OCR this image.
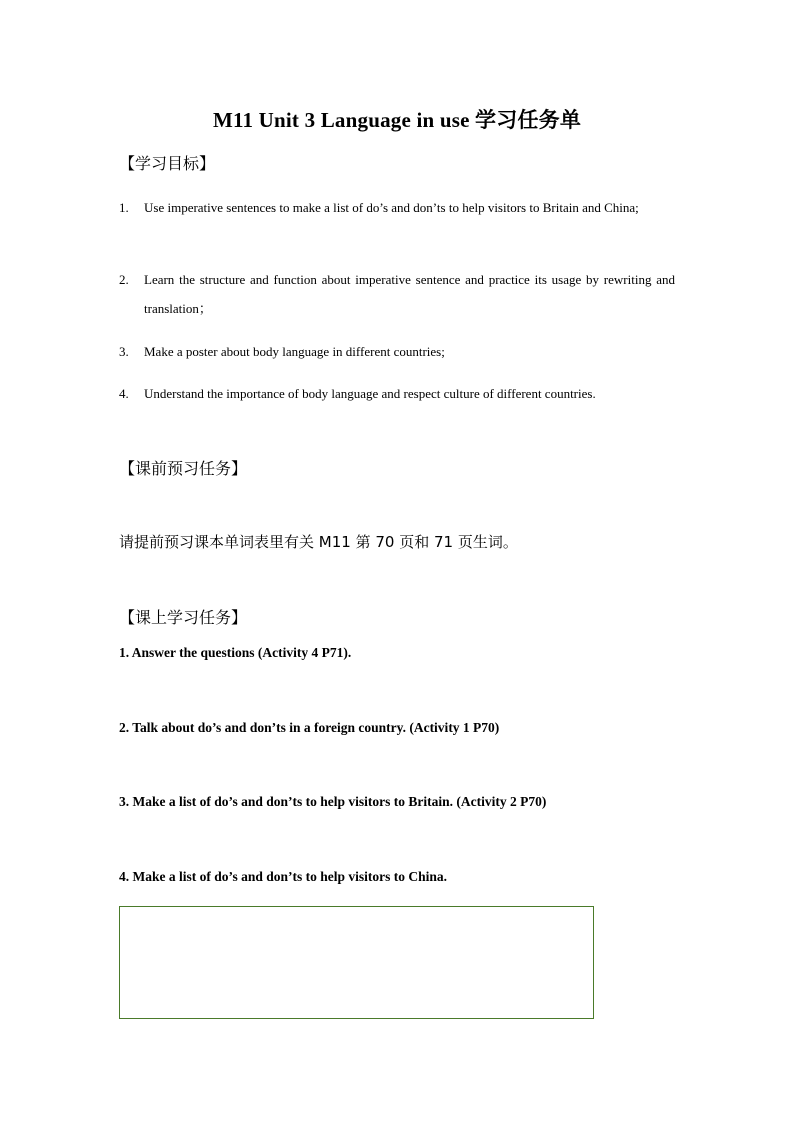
M11 Unit 3 Language in use 学习任务单
【学习目标】
1. Use imperative sentences to make a list of do’s and don’ts to help visitors to Britain and China;
2. Learn the structure and function about imperative sentence and practice its usage by rewriting and translation；
3. Make a poster about body language in different countries;
4. Understand the importance of body language and respect culture of different countries.
【课前预习任务】
请提前预习课本单词表里有关 M11 第 70 页和 71 页生词。
【课上学习任务】
1. Answer the questions (Activity 4 P71).
2. Talk about do’s and don’ts in a foreign country. (Activity 1 P70)
3. Make a list of do’s and don’ts to help visitors to Britain. (Activity 2 P70)
4. Make a list of do’s and don’ts to help visitors to China.
